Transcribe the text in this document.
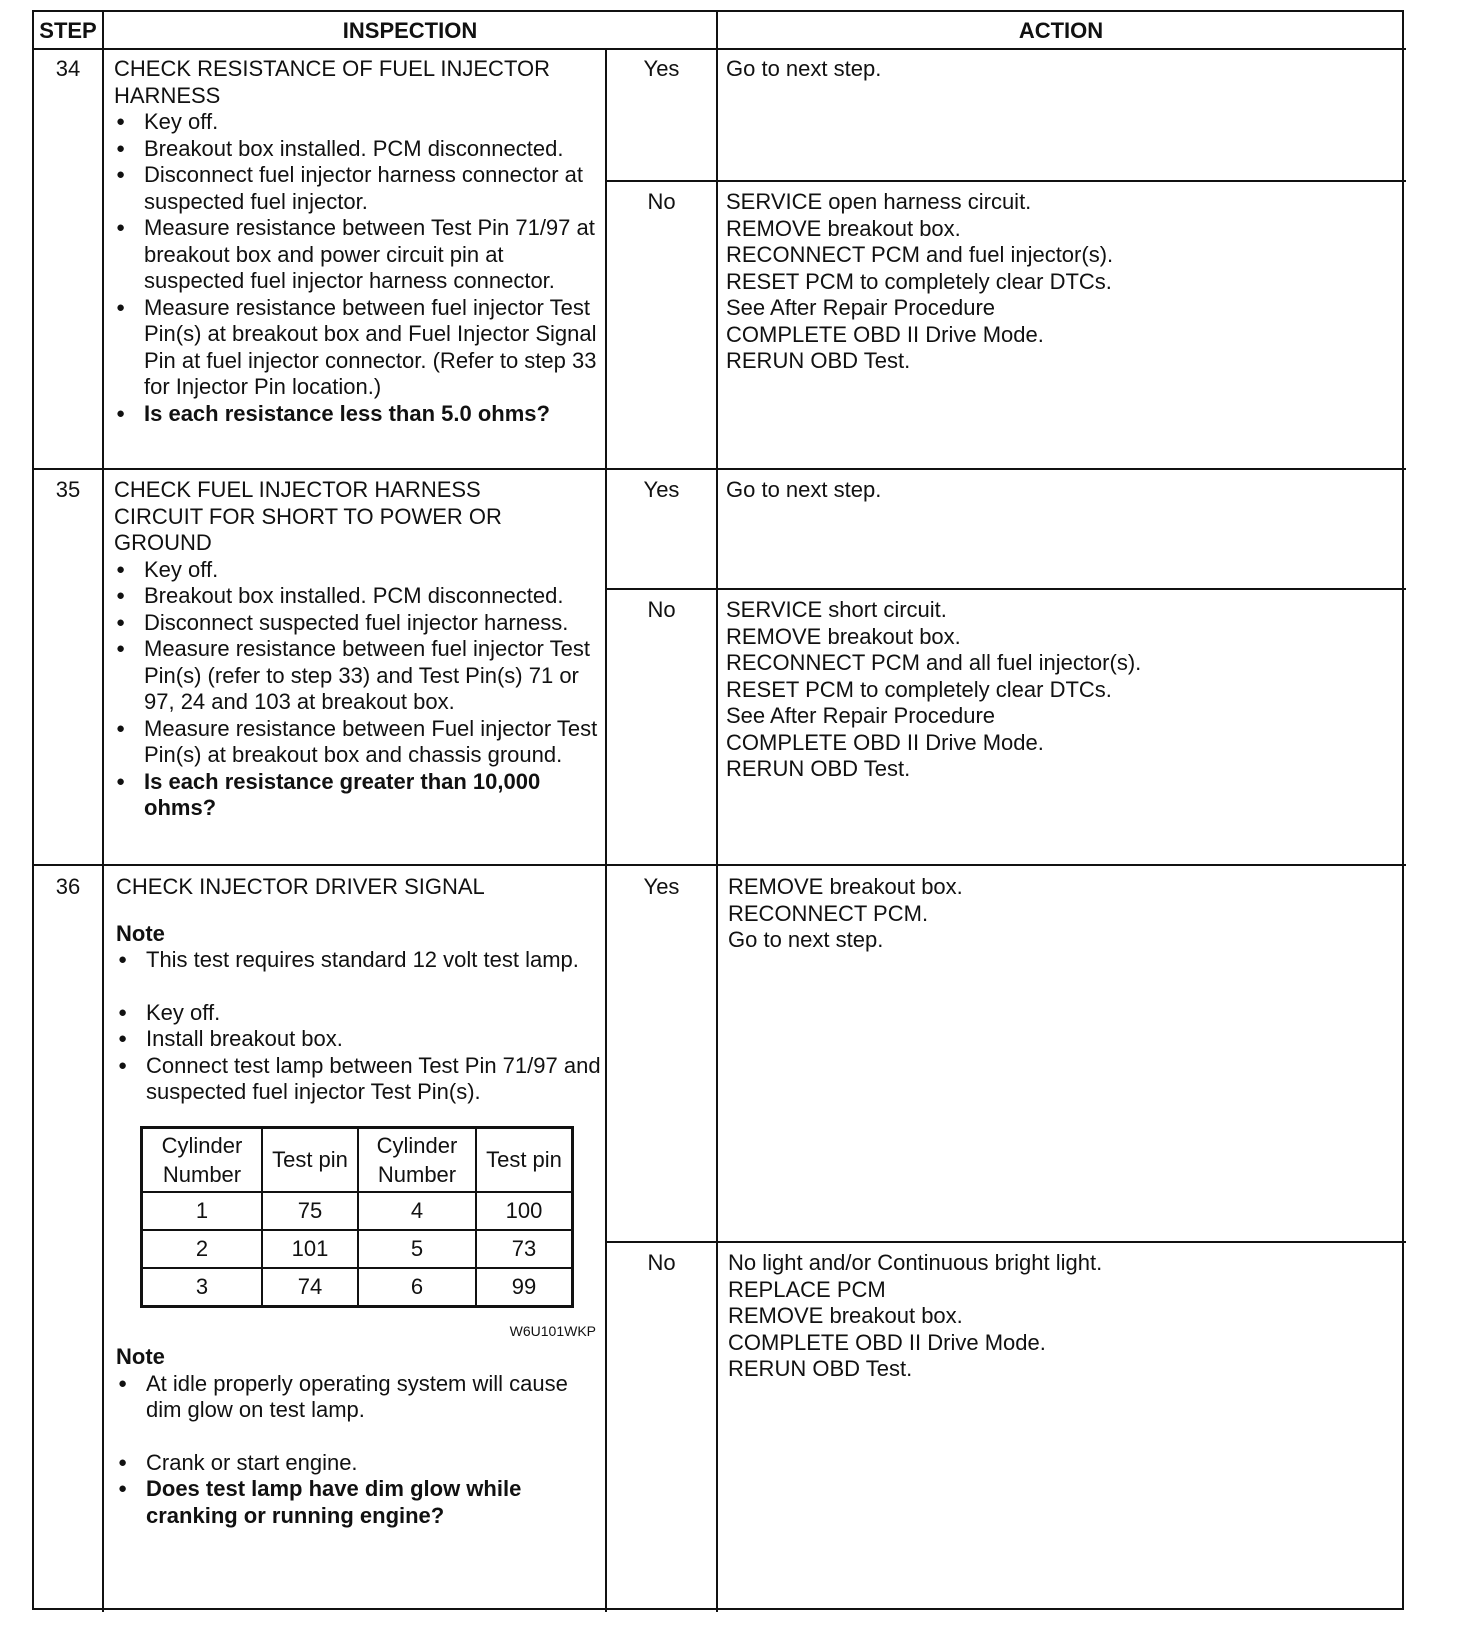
STEP	INSPECTION	ACTION
34	CHECK RESISTANCE OF FUEL INJECTOR
HARNESS
● Key off.
● Breakout box installed. PCM disconnected.
● Disconnect fuel injector harness connector at suspected fuel injector.
● Measure resistance between Test Pin 71/97 at breakout box and power circuit pin at suspected fuel injector harness connector.
● Measure resistance between fuel injector Test Pin(s) at breakout box and Fuel Injector Signal Pin at fuel injector connector. (Refer to step 33 for Injector Pin location.)
● Is each resistance less than 5.0 ohms?
Yes	Go to next step.
No	SERVICE open harness circuit.
REMOVE breakout box.
RECONNECT PCM and fuel injector(s).
RESET PCM to completely clear DTCs.
See After Repair Procedure
COMPLETE OBD II Drive Mode.
RERUN OBD Test.
35	CHECK FUEL INJECTOR HARNESS
CIRCUIT FOR SHORT TO POWER OR
GROUND
● Key off.
● Breakout box installed. PCM disconnected.
● Disconnect suspected fuel injector harness.
● Measure resistance between fuel injector Test Pin(s) (refer to step 33) and Test Pin(s) 71 or 97, 24 and 103 at breakout box.
● Measure resistance between Fuel injector Test Pin(s) at breakout box and chassis ground.
● Is each resistance greater than 10,000 ohms?
Yes	Go to next step.
No	SERVICE short circuit.
REMOVE breakout box.
RECONNECT PCM and all fuel injector(s).
RESET PCM to completely clear DTCs.
See After Repair Procedure
COMPLETE OBD II Drive Mode.
RERUN OBD Test.
36	CHECK INJECTOR DRIVER SIGNAL
Note
● This test requires standard 12 volt test lamp.
● Key off.
● Install breakout box.
● Connect test lamp between Test Pin 71/97 and suspected fuel injector Test Pin(s).
Cylinder Number	Test pin	Cylinder Number	Test pin
1	75	4	100
2	101	5	73
3	74	6	99
W6U101WKP
Note
● At idle properly operating system will cause dim glow on test lamp.
● Crank or start engine.
● Does test lamp have dim glow while cranking or running engine?
Yes	REMOVE breakout box.
RECONNECT PCM.
Go to next step.
No	No light and/or Continuous bright light.
REPLACE PCM
REMOVE breakout box.
COMPLETE OBD II Drive Mode.
RERUN OBD Test.
